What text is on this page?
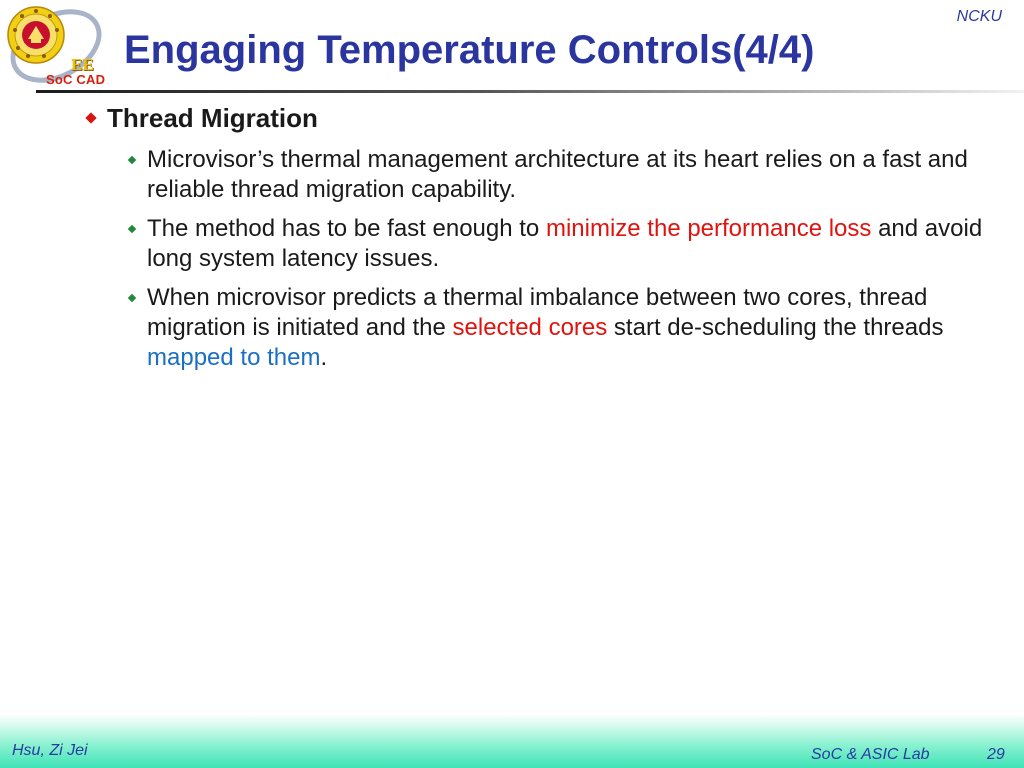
EE
SoC CAD
NCKU
Engaging Temperature Controls(4/4)
Thread Migration
Microvisor’s thermal management architecture at its heart relies on a fast and reliable thread migration capability.
The method has to be fast enough to minimize the performance loss and avoid long system latency issues.
When microvisor predicts a thermal imbalance between two cores, thread migration is initiated and the selected cores start de-scheduling the threads mapped to them.
Hsu, Zi Jei	SoC & ASIC Lab	29
